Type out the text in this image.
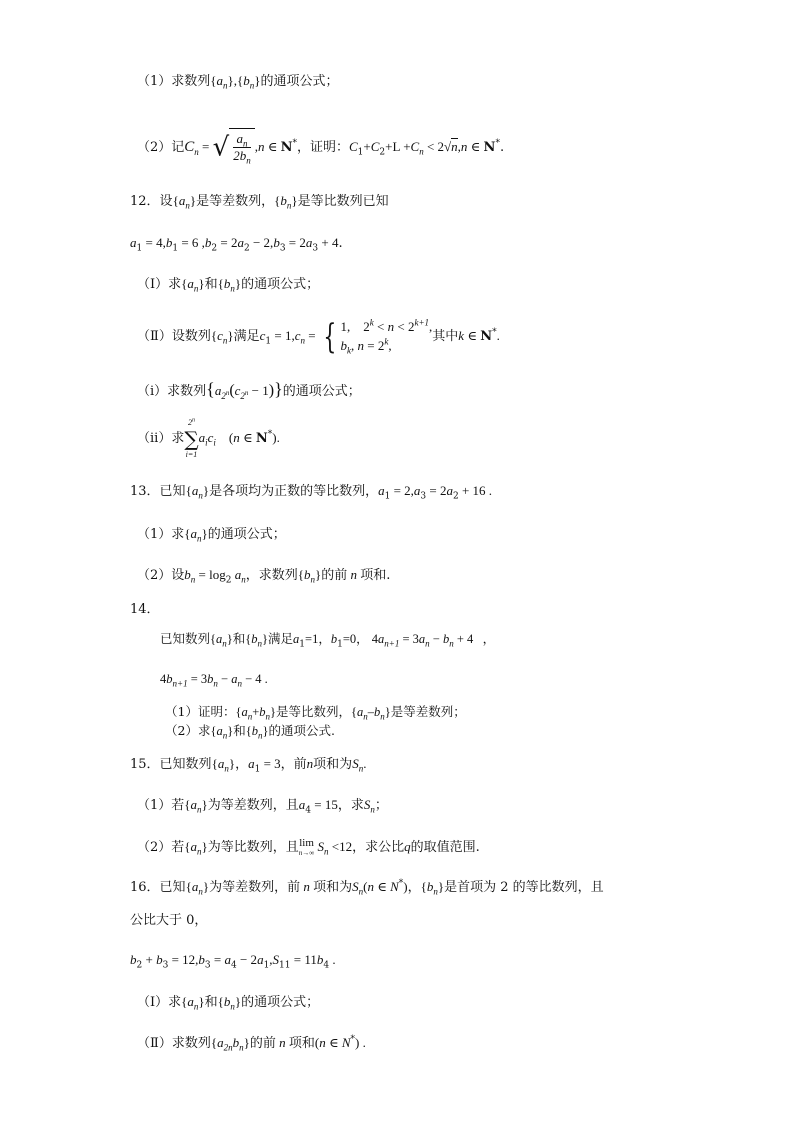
（1）求数列$\{a_n\},\{b_n\}$的通项公式；
（2）记$C_n$ = √ $\frac{a_n}{2b_n} ,n$ ∈ N*，证明：$C_1+C_2+L +C_n < 2√n,n$ ∈ N*.
12．设$\{a_n\}$是等差数列，$\{b_n\}$是等比数列已知
$a_1 = 4,b_1 = 6$ $,b_2 = 2a_2 - 2,b_3 = 2a_3 + 4$.
（Ⅰ）求$\{a_n\}$和$\{b_n\}$的通项公式；
（Ⅱ）设数列$\{c_n\}$满足$c_1 = 1,c_n$ = { 1,    $2^k < n < 2^{k+1}$,
$b_k$, $n = 2^k$,
其中k ∈ N*.
（i）求数列$\{a_{2^n}(c_{2^n} - 1)\}$的通项公式；
（ii）求
2$^n$
∑
i=1
$a_ic_i$    (n ∈ N*).
13．已知$\{a_n\}$是各项均为正数的等比数列，$a_1 = 2,a_3 = 2a_2 + 16$ .
（1）求$\{a_n\}$的通项公式；
（2）设$b_n = \log_2 a_n$，求数列$\{b_n\}$的前 n 项和.
14．
已知数列$\{a_n\}$和$\{b_n\}$满足$a_1=1$，$b_1=0$， $4a_{n+1} = 3a_n - b_n + 4$   ，
$4b_{n+1} = 3b_n - a_n - 4$ .
（1）证明：$\{a_n+b_n\}$是等比数列，$\{a_n-b_n\}$是等差数列；
（2）求$\{a_n\}$和$\{b_n\}$的通项公式.
15．已知数列$\{a_n\}$，$a_1 = 3$，前n项和为$S_n$.
（1）若$\{a_n\}$为等差数列，且$a_4 = 15$，求$S_n$；
（2）若$\{a_n\}$为等比数列，且 lim
n→∞ $S_n <12$，求公比q的取值范围.
16．已知$\{a_n\}$为等差数列，前 n 项和为$S_n(n$ ∈ N*)，$\{b_n\}$是首项为 2 的等比数列，且
公比大于 0，
$b_2 + b_3 = 12,b_3 = a_4 - 2a_1,S_{11} = 11b_4$ .
（Ⅰ）求$\{a_n\}$和$\{b_n\}$的通项公式；
（Ⅱ）求数列$\{a_{2n}b_n\}$的前 n 项和(n ∈ N*) .
